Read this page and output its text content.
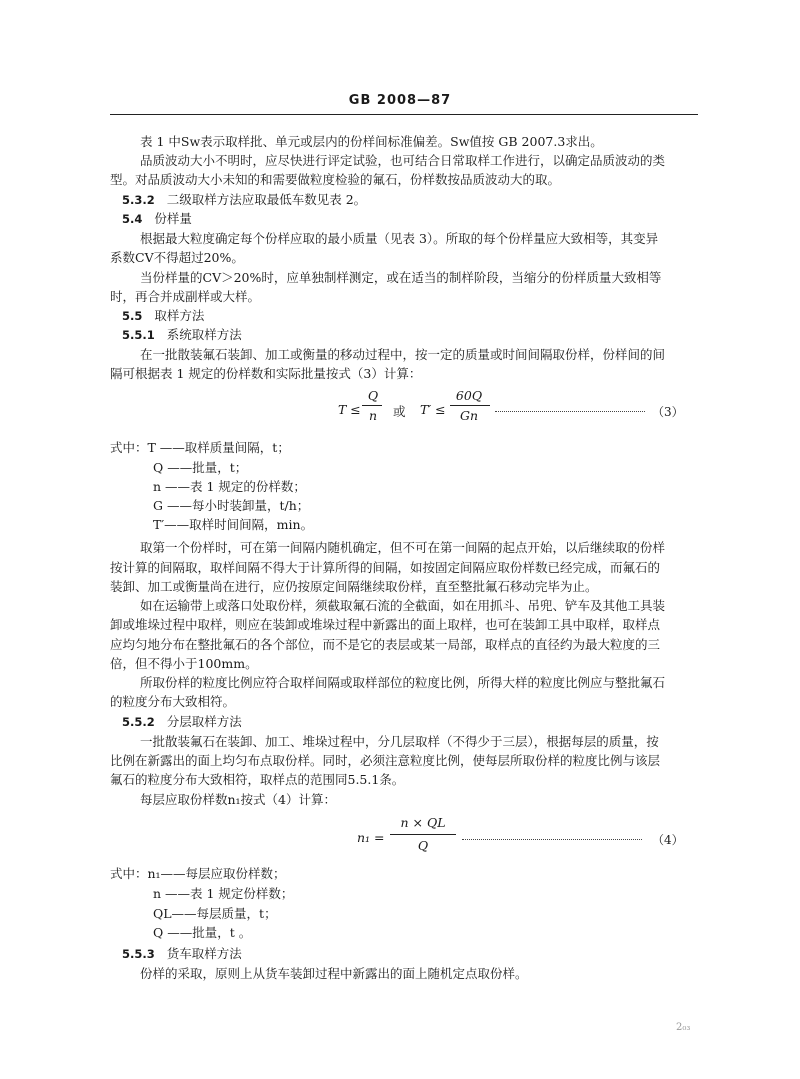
GB 2008—87
表 1 中Sw表示取样批、单元或层内的份样间标准偏差。Sw值按 GB 2007.3求出。
品质波动大小不明时，应尽快进行评定试验，也可结合日常取样工作进行，以确定品质波动的类
型。对品质波动大小未知的和需要做粒度检验的氟石，份样数按品质波动大的取。
5.3.2 二级取样方法应取最低车数见表 2。
5.4 份样量
根据最大粒度确定每个份样应取的最小质量（见表 3）。所取的每个份样量应大致相等，其变异
系数CV不得超过20%。
当份样量的CV＞20%时，应单独制样测定，或在适当的制样阶段，当缩分的份样质量大致相等
时，再合并成副样或大样。
5.5 取样方法
5.5.1 系统取样方法
在一批散装氟石装卸、加工或衡量的移动过程中，按一定的质量或时间间隔取份样，份样间的间
隔可根据表 1 规定的份样数和实际批量按式（3）计算：
T ≤
Q
n 或 T′ ≤
60Q
Gn	（3）
式中：T ——取样质量间隔，t；
Q ——批量，t；
n ——表 1 规定的份样数；
G ——每小时装卸量，t/h；
T′——取样时间间隔，min。
取第一个份样时，可在第一间隔内随机确定，但不可在第一间隔的起点开始，以后继续取的份样
按计算的间隔取，取样间隔不得大于计算所得的间隔，如按固定间隔应取份样数已经完成，而氟石的
装卸、加工或衡量尚在进行，应仍按原定间隔继续取份样，直至整批氟石移动完毕为止。
如在运输带上或落口处取份样，须截取氟石流的全截面，如在用抓斗、吊兜、铲车及其他工具装
卸或堆垛过程中取样，则应在装卸或堆垛过程中新露出的面上取样，也可在装卸工具中取样，取样点
应均匀地分布在整批氟石的各个部位，而不是它的表层或某一局部，取样点的直径约为最大粒度的三
倍，但不得小于100mm。
所取份样的粒度比例应符合取样间隔或取样部位的粒度比例，所得大样的粒度比例应与整批氟石
的粒度分布大致相符。
5.5.2 分层取样方法
一批散装氟石在装卸、加工、堆垛过程中，分几层取样（不得少于三层），根据每层的质量，按
比例在新露出的面上均匀布点取份样。同时，必须注意粒度比例，使每层所取份样的粒度比例与该层
氟石的粒度分布大致相符，取样点的范围同5.5.1条。
每层应取份样数n₁按式（4）计算：
n₁ =
n × QL
Q	（4）
式中：n₁——每层应取份样数；
n ——表 1 规定份样数；
QL——每层质量，t；
Q ——批量，t 。
5.5.3 货车取样方法
份样的采取，原则上从货车装卸过程中新露出的面上随机定点取份样。
2₀₃
